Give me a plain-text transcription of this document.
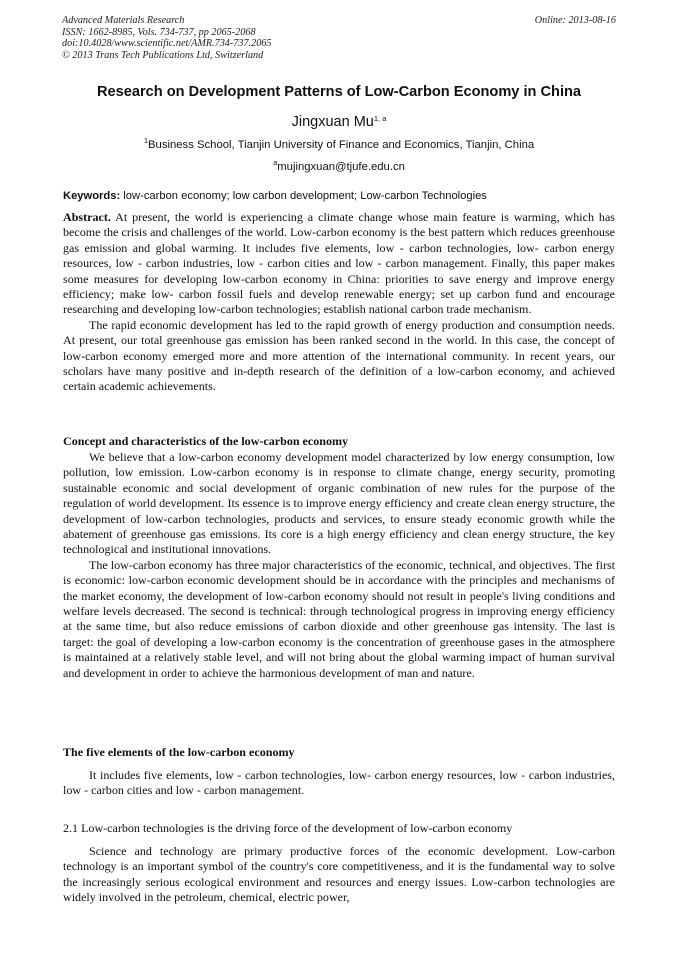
Advanced Materials Research
ISSN: 1662-8985, Vols. 734-737, pp 2065-2068
doi:10.4028/www.scientific.net/AMR.734-737.2065
© 2013 Trans Tech Publications Ltd, Switzerland
Online: 2013-08-16
Research on Development Patterns of Low-Carbon Economy in China
Jingxuan Mu$^{1, a}$
$^1$Business School, Tianjin University of Finance and Economics, Tianjin, China
$^a$mujingxuan@tjufe.edu.cn
Keywords: low-carbon economy; low carbon development; Low-carbon Technologies

Abstract. At present, the world is experiencing a climate change whose main feature is warming, which has become the crisis and challenges of the world. Low-carbon economy is the best pattern which reduces greenhouse gas emission and global warming. It includes five elements, low - carbon technologies, low- carbon energy resources, low - carbon industries, low - carbon cities and low - carbon management. Finally, this paper makes some measures for developing low-carbon economy in China: priorities to save energy and improve energy efficiency; make low- carbon fossil fuels and develop renewable energy; set up carbon fund and encourage researching and developing low-carbon technologies; establish national carbon trade mechanism.

The rapid economic development has led to the rapid growth of energy production and consumption needs. At present, our total greenhouse gas emission has been ranked second in the world. In this case, the concept of low-carbon economy emerged more and more attention of the international community. In recent years, our scholars have many positive and in-depth research of the definition of a low-carbon economy, and achieved certain academic achievements.

Concept and characteristics of the low-carbon economy

We believe that a low-carbon economy development model characterized by low energy consumption, low pollution, low emission. Low-carbon economy is in response to climate change, energy security, promoting sustainable economic and social development of organic combination of new rules for the purpose of the regulation of world development. Its essence is to improve energy efficiency and create clean energy structure, the development of low-carbon technologies, products and services, to ensure steady economic growth while the abatement of greenhouse gas emissions. Its core is a high energy efficiency and clean energy structure, the key technological and institutional innovations.

The low-carbon economy has three major characteristics of the economic, technical, and objectives. The first is economic: low-carbon economic development should be in accordance with the principles and mechanisms of the market economy, the development of low-carbon economy should not result in people's living conditions and welfare levels decreased. The second is technical: through technological progress in improving energy efficiency at the same time, but also reduce emissions of carbon dioxide and other greenhouse gas intensity. The last is target: the goal of developing a low-carbon economy is the concentration of greenhouse gases in the atmosphere is maintained at a relatively stable level, and will not bring about the global warming impact of human survival and development in order to achieve the harmonious development of man and nature.

The five elements of the low-carbon economy

It includes five elements, low - carbon technologies, low- carbon energy resources, low - carbon industries, low - carbon cities and low - carbon management.

2.1 Low-carbon technologies is the driving force of the development of low-carbon economy

Science and technology are primary productive forces of the economic development. Low-carbon technology is an important symbol of the country's core competitiveness, and it is the fundamental way to solve the increasingly serious ecological environment and resources and energy issues. Low-carbon technologies are widely involved in the petroleum, chemical, electric power,
